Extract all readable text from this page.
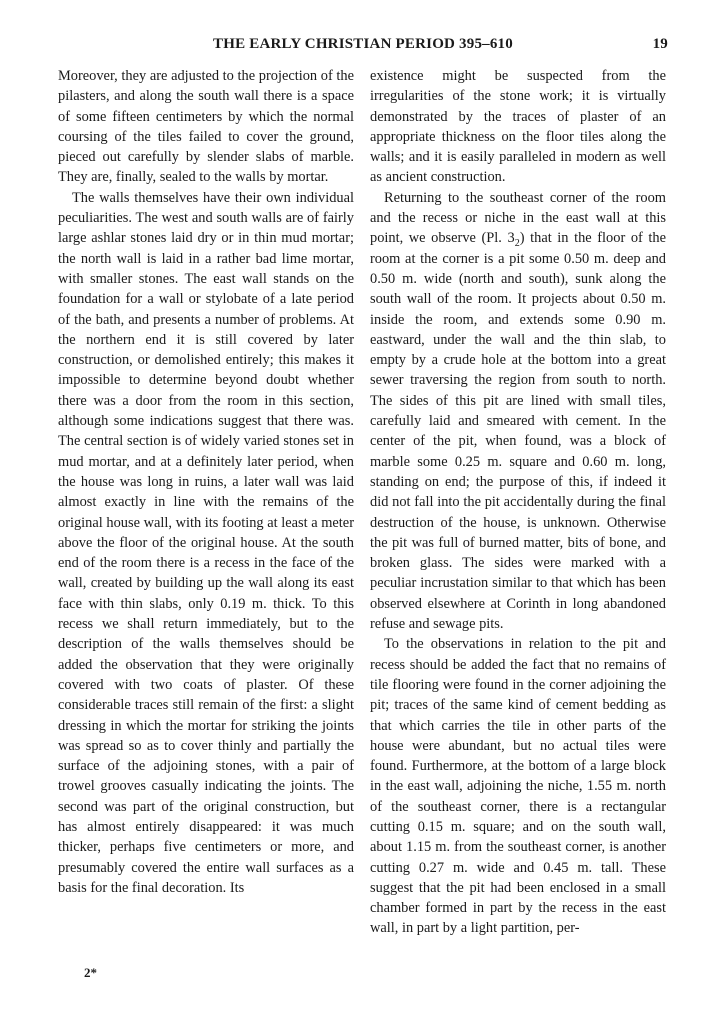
THE EARLY CHRISTIAN PERIOD 395–610	19

Moreover, they are adjusted to the projection of the pilasters, and along the south wall there is a space of some fifteen centimeters by which the normal coursing of the tiles failed to cover the ground, pieced out carefully by slender slabs of marble. They are, finally, sealed to the walls by mortar.

The walls themselves have their own individual peculiarities. The west and south walls are of fairly large ashlar stones laid dry or in thin mud mortar; the north wall is laid in a rather bad lime mortar, with smaller stones. The east wall stands on the foundation for a wall or stylobate of a late period of the bath, and presents a number of problems. At the northern end it is still covered by later construction, or demolished entirely; this makes it impossible to determine beyond doubt whether there was a door from the room in this section, although some indications suggest that there was. The central section is of widely varied stones set in mud mortar, and at a definitely later period, when the house was long in ruins, a later wall was laid almost exactly in line with the remains of the original house wall, with its footing at least a meter above the floor of the original house. At the south end of the room there is a recess in the face of the wall, created by building up the wall along its east face with thin slabs, only 0.19 m. thick. To this recess we shall return immediately, but to the description of the walls themselves should be added the observation that they were originally covered with two coats of plaster. Of these considerable traces still remain of the first: a slight dressing in which the mortar for striking the joints was spread so as to cover thinly and partially the surface of the adjoining stones, with a pair of trowel grooves casually indicating the joints. The second was part of the original construction, but has almost entirely disappeared: it was much thicker, perhaps five centimeters or more, and presumably covered the entire wall surfaces as a basis for the final decoration. Its

existence might be suspected from the irregularities of the stone work; it is virtually demonstrated by the traces of plaster of an appropriate thickness on the floor tiles along the walls; and it is easily paralleled in modern as well as ancient construction.

Returning to the southeast corner of the room and the recess or niche in the east wall at this point, we observe (Pl. $3_2$) that in the floor of the room at the corner is a pit some 0.50 m. deep and 0.50 m. wide (north and south), sunk along the south wall of the room. It projects about 0.50 m. inside the room, and extends some 0.90 m. eastward, under the wall and the thin slab, to empty by a crude hole at the bottom into a great sewer traversing the region from south to north. The sides of this pit are lined with small tiles, carefully laid and smeared with cement. In the center of the pit, when found, was a block of marble some 0.25 m. square and 0.60 m. long, standing on end; the purpose of this, if indeed it did not fall into the pit accidentally during the final destruction of the house, is unknown. Otherwise the pit was full of burned matter, bits of bone, and broken glass. The sides were marked with a peculiar incrustation similar to that which has been observed elsewhere at Corinth in long abandoned refuse and sewage pits.

To the observations in relation to the pit and recess should be added the fact that no remains of tile flooring were found in the corner adjoining the pit; traces of the same kind of cement bedding as that which carries the tile in other parts of the house were abundant, but no actual tiles were found. Furthermore, at the bottom of a large block in the east wall, adjoining the niche, 1.55 m. north of the southeast corner, there is a rectangular cutting 0.15 m. square; and on the south wall, about 1.15 m. from the southeast corner, is another cutting 0.27 m. wide and 0.45 m. tall. These suggest that the pit had been enclosed in a small chamber formed in part by the recess in the east wall, in part by a light partition, per-

2*
